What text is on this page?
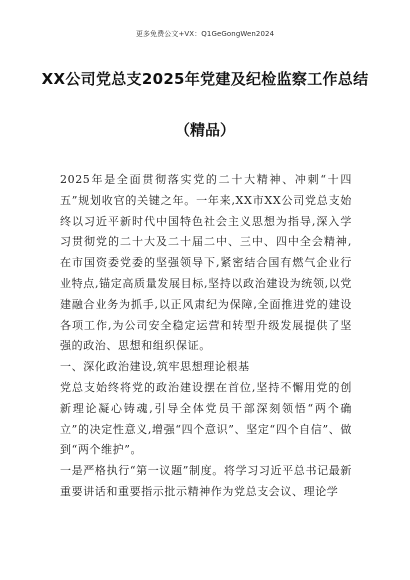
更多免费公文+VX：Q1GeGongWen2024
XX公司党总支2025年党建及纪检监察工作总结
（精品）

2025年是全面贯彻落实党的二十大精神、冲刺“十四五”规划收官的关键之年。一年来,XX市XX公司党总支始终以习近平新时代中国特色社会主义思想为指导,深入学习贯彻党的二十大及二十届二中、三中、四中全会精神,在市国资委党委的坚强领导下,紧密结合国有燃气企业行业特点,锚定高质量发展目标,坚持以政治建设为统领,以党建融合业务为抓手,以正风肃纪为保障,全面推进党的建设各项工作,为公司安全稳定运营和转型升级发展提供了坚强的政治、思想和组织保证。

一、深化政治建设,筑牢思想理论根基

党总支始终将党的政治建设摆在首位,坚持不懈用党的创新理论凝心铸魂,引导全体党员干部深刻领悟“两个确立”的决定性意义,增强“四个意识”、坚定“四个自信”、做到“两个维护”。

一是严格执行“第一议题”制度。将学习习近平总书记最新重要讲话和重要指示批示精神作为党总支会议、理论学
